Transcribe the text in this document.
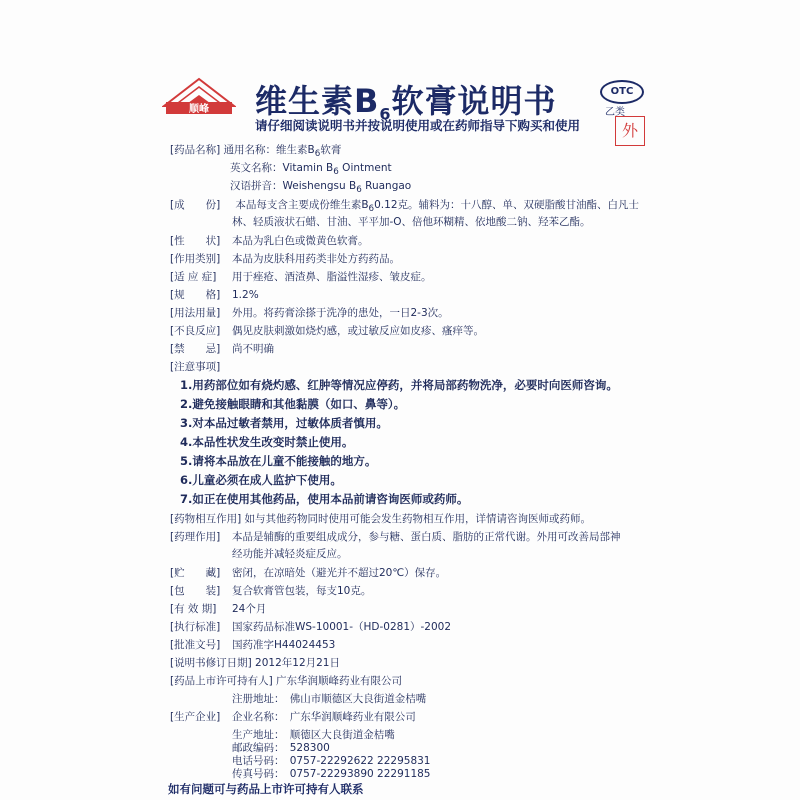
顺峰 维生素$B_6$软膏说明书
请仔细阅读说明书并按说明使用或在药师指导下购买和使用
OTC
乙类
外
[药品名称] 通用名称：维生素$B_6$软膏
英文名称：Vitamin $B_6$ Ointment
汉语拼音：Weishengsu $B_6$ Ruangao
[成　　份] 本品每支含主要成份维生素$B_60.12$克。辅料为：十八醇、单、双硬脂酸甘油酯、白凡士
林、轻质液状石蜡、甘油、平平加-O、倍他环糊精、依地酸二钠、羟苯乙酯。
[性　　状] 本品为乳白色或微黄色软膏。
[作用类别] 本品为皮肤科用药类非处方药药品。
[适 应 症] 用于痤疮、酒渣鼻、脂溢性湿疹、皱皮症。
[规　　格] 1.2%
[用法用量] 外用。将药膏涂搽于洗净的患处，一日2-3次。
[不良反应] 偶见皮肤刺激如烧灼感，或过敏反应如皮疹、瘙痒等。
[禁　　忌] 尚不明确
[注意事项]
1.用药部位如有烧灼感、红肿等情况应停药，并将局部药物洗净，必要时向医师咨询。
2.避免接触眼睛和其他黏膜（如口、鼻等）。
3.对本品过敏者禁用，过敏体质者慎用。
4.本品性状发生改变时禁止使用。
5.请将本品放在儿童不能接触的地方。
6.儿童必须在成人监护下使用。
7.如正在使用其他药品，使用本品前请咨询医师或药师。
[药物相互作用] 如与其他药物同时使用可能会发生药物相互作用，详情请咨询医师或药师。
[药理作用] 本品是辅酶的重要组成成分，参与糖、蛋白质、脂肪的正常代谢。外用可改善局部神
经功能并减轻炎症反应。
[贮　　藏] 密闭，在凉暗处（避光并不超过20℃）保存。
[包　　装] 复合软膏管包装，每支10克。
[有 效 期] 24个月
[执行标准] 国家药品标准WS-10001-（HD-0281）-2002
[批准文号] 国药准字H44024453
[说明书修订日期] 2012年12月21日
[药品上市许可持有人] 广东华润顺峰药业有限公司
注册地址：　佛山市顺德区大良街道金桔嘴
[生产企业] 企业名称：　广东华润顺峰药业有限公司
生产地址：　顺德区大良街道金桔嘴
邮政编码：　528300
电话号码：　0757-22292622 22295831
传真号码：　0757-22293890 22291185
如有问题可与药品上市许可持有人联系
